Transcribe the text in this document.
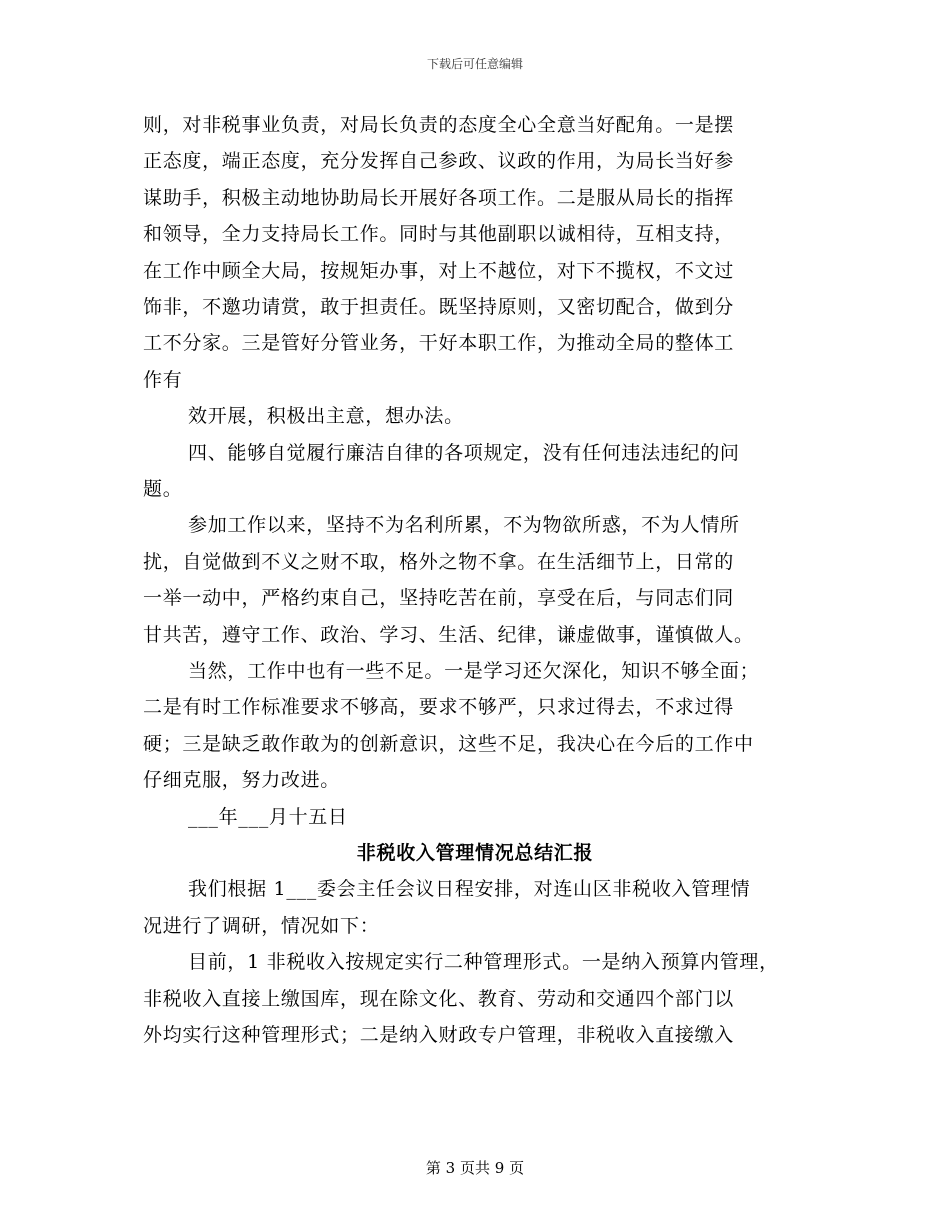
下载后可任意编辑
则，对非税事业负责，对局长负责的态度全心全意当好配角。一是摆
正态度，端正态度，充分发挥自己参政、议政的作用，为局长当好参
谋助手，积极主动地协助局长开展好各项工作。二是服从局长的指挥
和领导，全力支持局长工作。同时与其他副职以诚相待，互相支持，
在工作中顾全大局，按规矩办事，对上不越位，对下不揽权，不文过
饰非，不邀功请赏，敢于担责任。既坚持原则，又密切配合，做到分
工不分家。三是管好分管业务，干好本职工作，为推动全局的整体工
作有
效开展，积极出主意，想办法。
四、能够自觉履行廉洁自律的各项规定，没有任何违法违纪的问
题。
参加工作以来，坚持不为名利所累，不为物欲所惑，不为人情所
扰，自觉做到不义之财不取，格外之物不拿。在生活细节上，日常的
一举一动中，严格约束自己，坚持吃苦在前，享受在后，与同志们同
甘共苦，遵守工作、政治、学习、生活、纪律，谦虚做事，谨慎做人。
当然，工作中也有一些不足。一是学习还欠深化，知识不够全面；
二是有时工作标准要求不够高，要求不够严，只求过得去，不求过得
硬；三是缺乏敢作敢为的创新意识，这些不足，我决心在今后的工作中
仔细克服，努力改进。
___年___月十五日
非税收入管理情况总结汇报
我们根据 1___委会主任会议日程安排，对连山区非税收入管理情
况进行了调研，情况如下：
目前，1 非税收入按规定实行二种管理形式。一是纳入预算内管理，
非税收入直接上缴国库，现在除文化、教育、劳动和交通四个部门以
外均实行这种管理形式；二是纳入财政专户管理，非税收入直接缴入
第 3 页共 9 页
